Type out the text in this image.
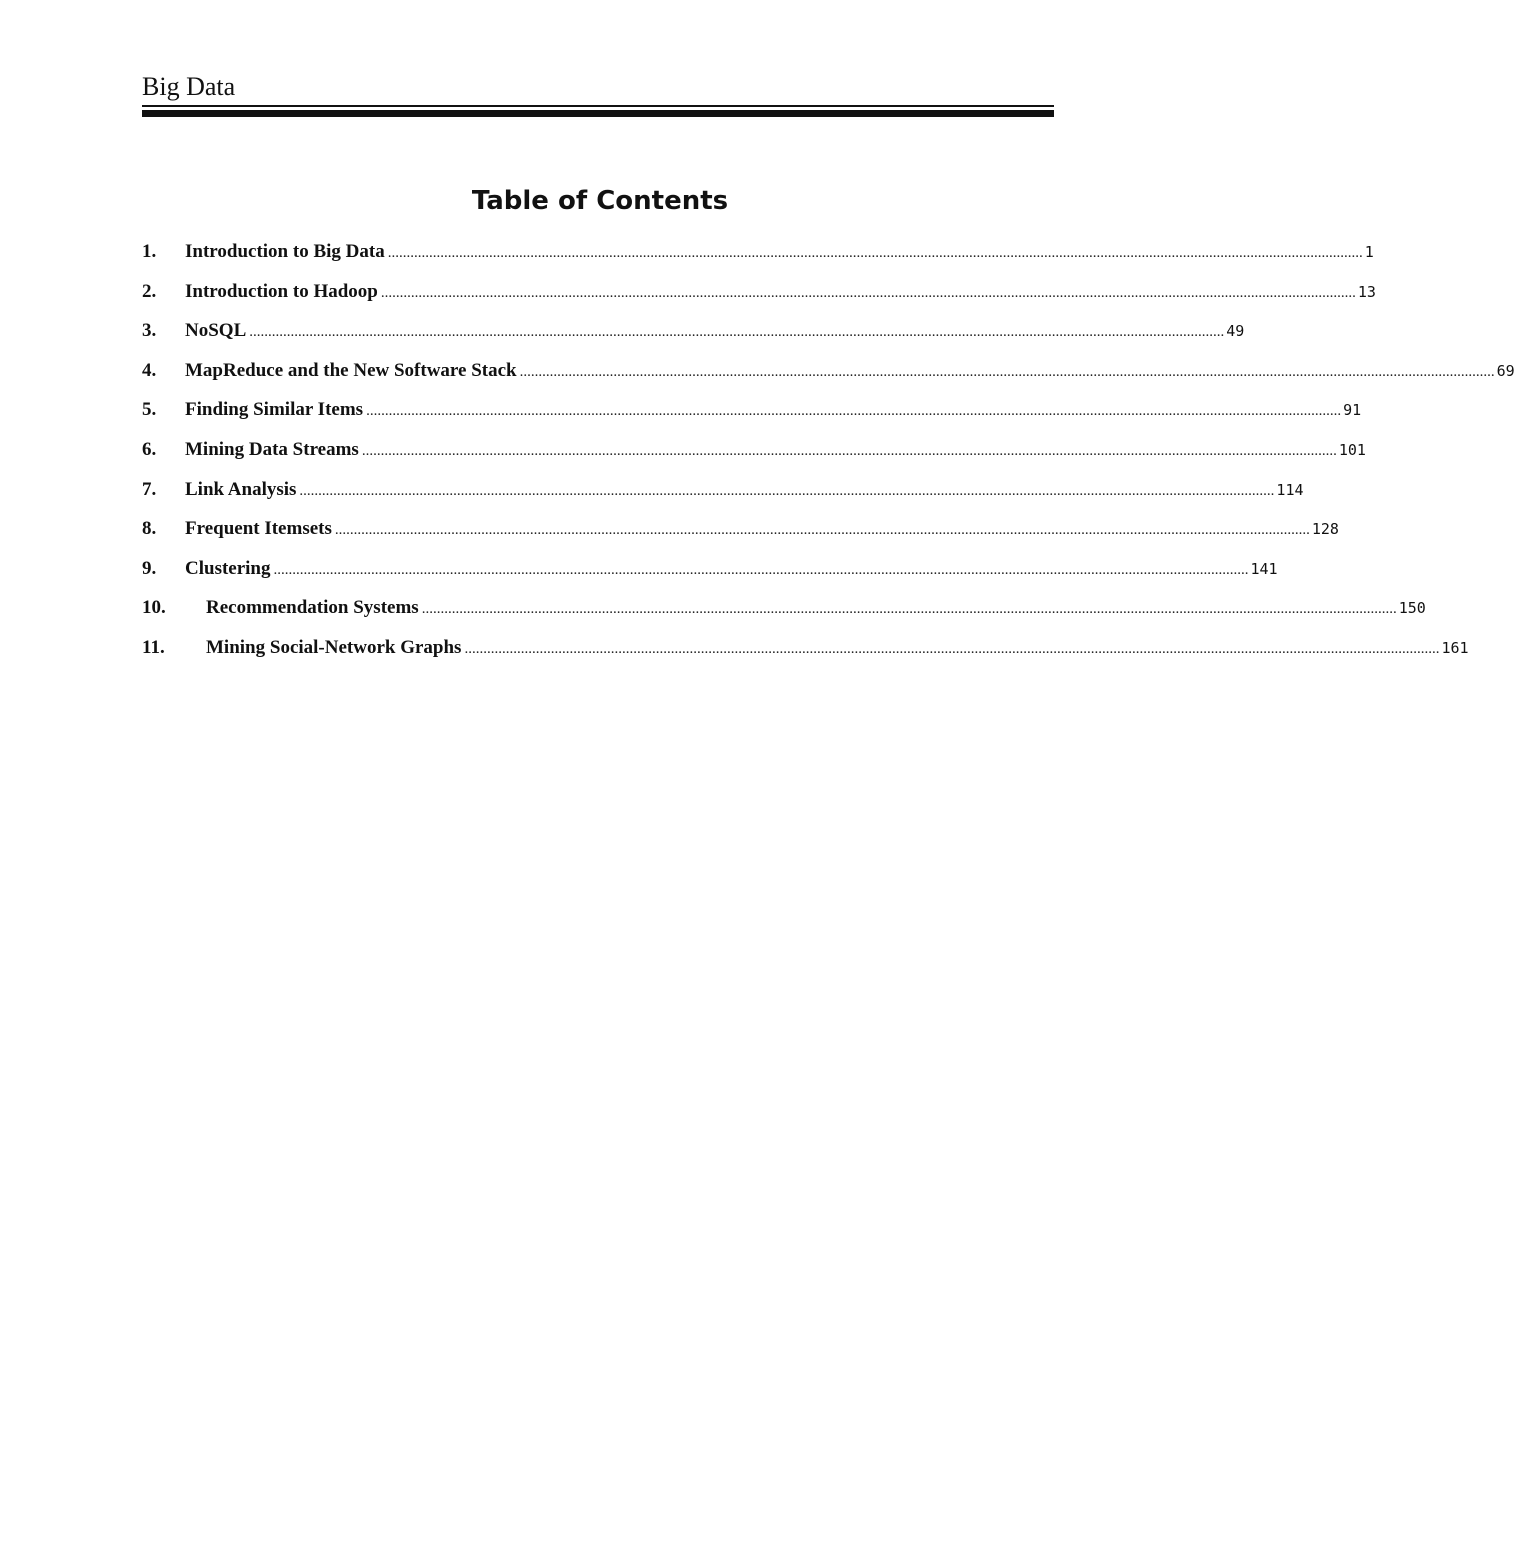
Big Data
Table of Contents
1.	Introduction to Big Data .................................................................................................................................................................................................................................................................... 1
2.	Introduction to Hadoop .................................................................................................................................................................................................................................................................... 13
3.	NoSQL .................................................................................................................................................................................................................................................................... 49
4.	MapReduce and the New Software Stack .................................................................................................................................................................................................................................................................... 69
5.	Finding Similar Items .................................................................................................................................................................................................................................................................... 91
6.	Mining Data Streams .................................................................................................................................................................................................................................................................... 101
7.	Link Analysis .................................................................................................................................................................................................................................................................... 114
8.	Frequent Itemsets .................................................................................................................................................................................................................................................................... 128
9.	Clustering .................................................................................................................................................................................................................................................................... 141
10.	Recommendation Systems .................................................................................................................................................................................................................................................................... 150
11.	Mining Social-Network Graphs .................................................................................................................................................................................................................................................................... 161
